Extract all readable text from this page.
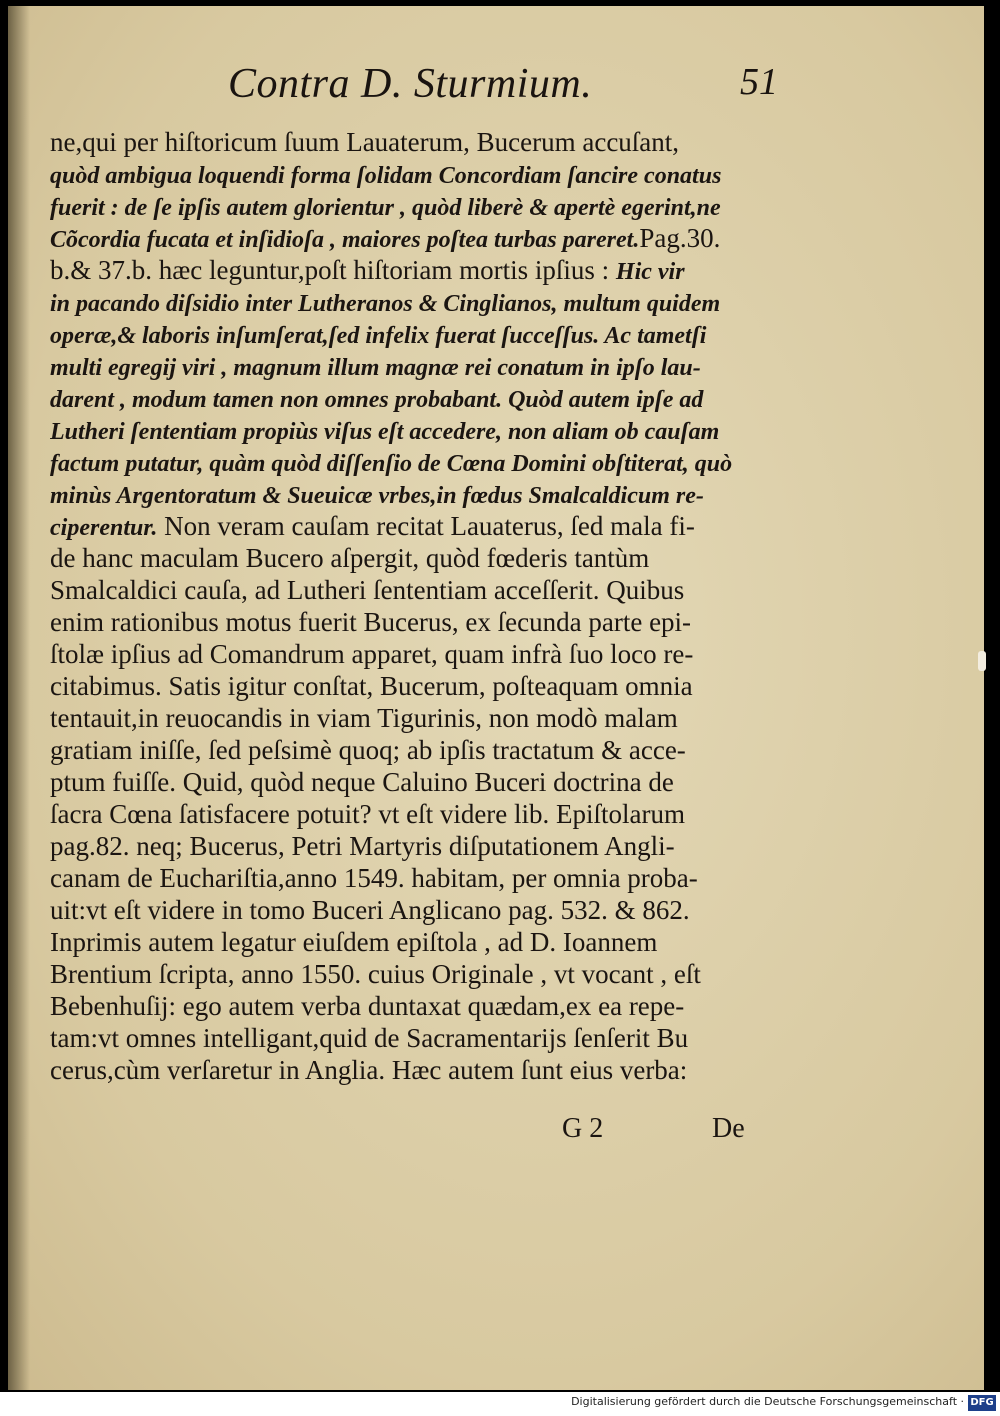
Contra D. Sturmium.	51
ne,qui per hiſtoricum ſuum Lauaterum, Bucerum accuſant,
quòd ambigua loquendi forma ſolidam Concordiam ſancire conatus
fuerit : de ſe ipſis autem glorientur , quòd liberè & apertè egerint,ne
Cõcordia fucata et inſidioſa , maiores poſtea turbas pareret.Pag.30.
b.& 37.b. hæc leguntur,poſt hiſtoriam mortis ipſius : Hic vir
in pacando diſsidio inter Lutheranos & Cinglianos, multum quidem
operæ,& laboris inſumſerat,ſed infelix fuerat ſucceſſus. Ac tametſi
multi egregij viri , magnum illum magnæ rei conatum in ipſo lau-
darent , modum tamen non omnes probabant. Quòd autem ipſe ad
Lutheri ſententiam propiùs viſus eſt accedere, non aliam ob cauſam
factum putatur, quàm quòd diſſenſio de Cœna Domini obſtiterat, quò
minùs Argentoratum & Sueuicæ vrbes,in fœdus Smalcaldicum re-
ciperentur. Non veram cauſam recitat Lauaterus, ſed mala fi-
de hanc maculam Bucero aſpergit, quòd fœderis tantùm
Smalcaldici cauſa, ad Lutheri ſententiam acceſſerit. Quibus
enim rationibus motus fuerit Bucerus, ex ſecunda parte epi-
ſtolæ ipſius ad Comandrum apparet, quam infrà ſuo loco re-
citabimus. Satis igitur conſtat, Bucerum, poſteaquam omnia
tentauit,in reuocandis in viam Tigurinis, non modò malam
gratiam iniſſe, ſed peſsimè quoq; ab ipſis tractatum & acce-
ptum fuiſſe. Quid, quòd neque Caluino Buceri doctrina de
ſacra Cœna ſatisfacere potuit? vt eſt videre lib. Epiſtolarum
pag.82. neq; Bucerus, Petri Martyris diſputationem Angli-
canam de Euchariſtia,anno 1549. habitam, per omnia proba-
uit:vt eſt videre in tomo Buceri Anglicano pag. 532. & 862.
Inprimis autem legatur eiuſdem epiſtola , ad D. Ioannem
Brentium ſcripta, anno 1550. cuius Originale , vt vocant , eſt
Bebenhuſij: ego autem verba duntaxat quædam,ex ea repe-
tam:vt omnes intelligant,quid de Sacramentarijs ſenſerit Bu
cerus,cùm verſaretur in Anglia. Hæc autem ſunt eius verba:
G 2	De
Digitalisierung gefördert durch die Deutsche Forschungsgemeinschaft · DFG
